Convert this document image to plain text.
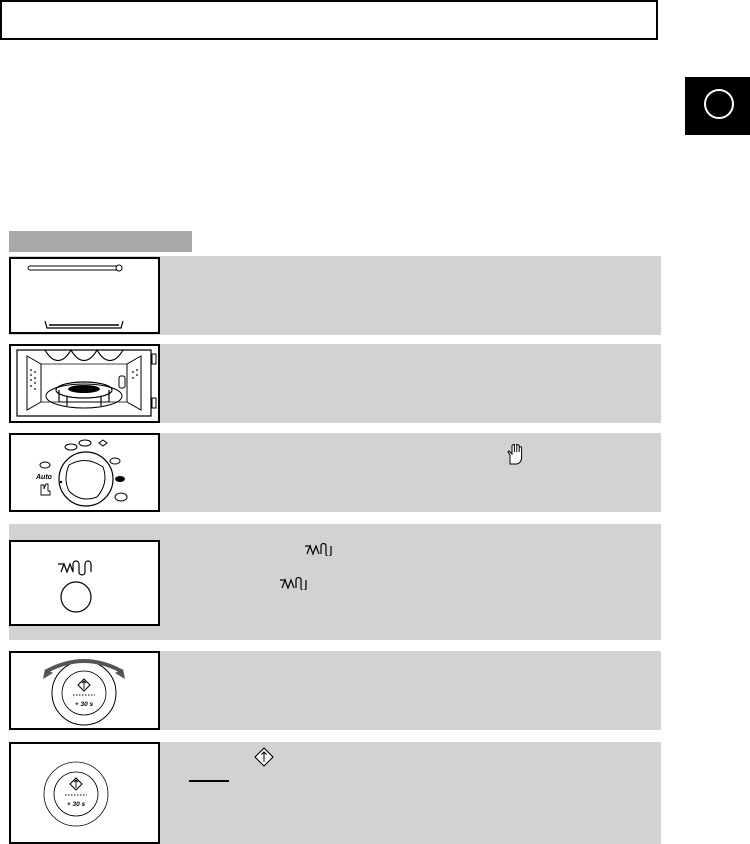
Auto
+ 30 s
+ 30 s
